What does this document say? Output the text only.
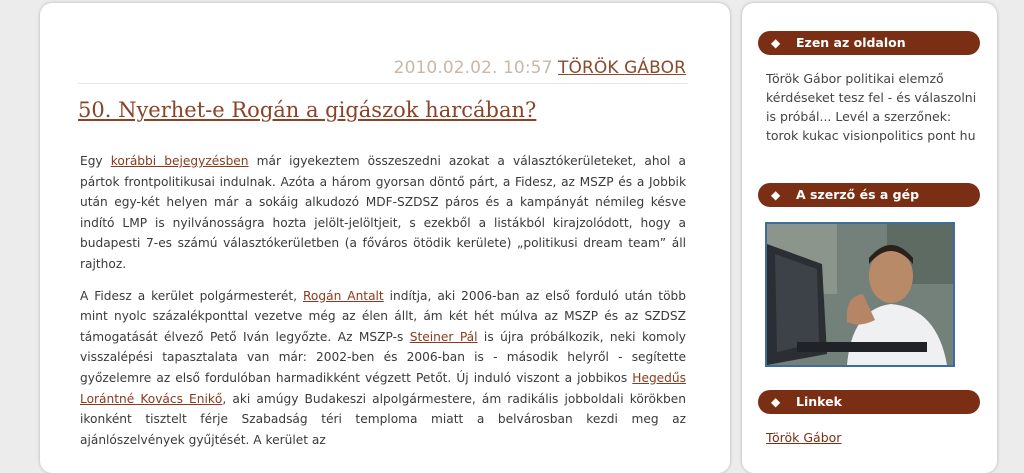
2010.02.02. 10:57 TÖRÖK GÁBOR
50. Nyerhet-e Rogán a gigászok harcában?

Egy korábbi bejegyzésben már igyekeztem összeszedni azokat a választókerületeket, ahol a pártok frontpolitikusai indulnak. Azóta a három gyorsan döntő párt, a Fidesz, az MSZP és a Jobbik után egy-két helyen már a sokáig alkudozó MDF-SZDSZ páros és a kampányát némileg késve indító LMP is nyilvánosságra hozta jelölt-jelöltjeit, s ezekből a listákból kirajzolódott, hogy a budapesti 7-es számú választókerületben (a főváros ötödik kerülete) „politikusi dream team” áll rajthoz.

A Fidesz a kerület polgármesterét, Rogán Antalt indítja, aki 2006-ban az első forduló után több mint nyolc százalékponttal vezetve még az élen állt, ám két hét múlva az MSZP és az SZDSZ támogatását élvező Pető Iván legyőzte. Az MSZP-s Steiner Pál is újra próbálkozik, neki komoly visszalépési tapasztalata van már: 2002-ben és 2006-ban is - második helyről - segítette győzelemre az első fordulóban harmadikként végzett Petőt. Új induló viszont a jobbikos Hegedűs Lorántné Kovács Enikő, aki amúgy Budakeszi alpolgármestere, ám radikális jobboldali körökben ikonként tisztelt férje Szabadság téri temploma miatt a belvárosban kezdi meg az ajánlószelvények gyűjtését. A kerület az

◆ Ezen az oldalon
Török Gábor politikai elemző kérdéseket tesz fel - és válaszolni is próbál... Levél a szerzőnek: torok kukac visionpolitics pont hu
◆ A szerző és a gép
◆ Linkek
Török Gábor
